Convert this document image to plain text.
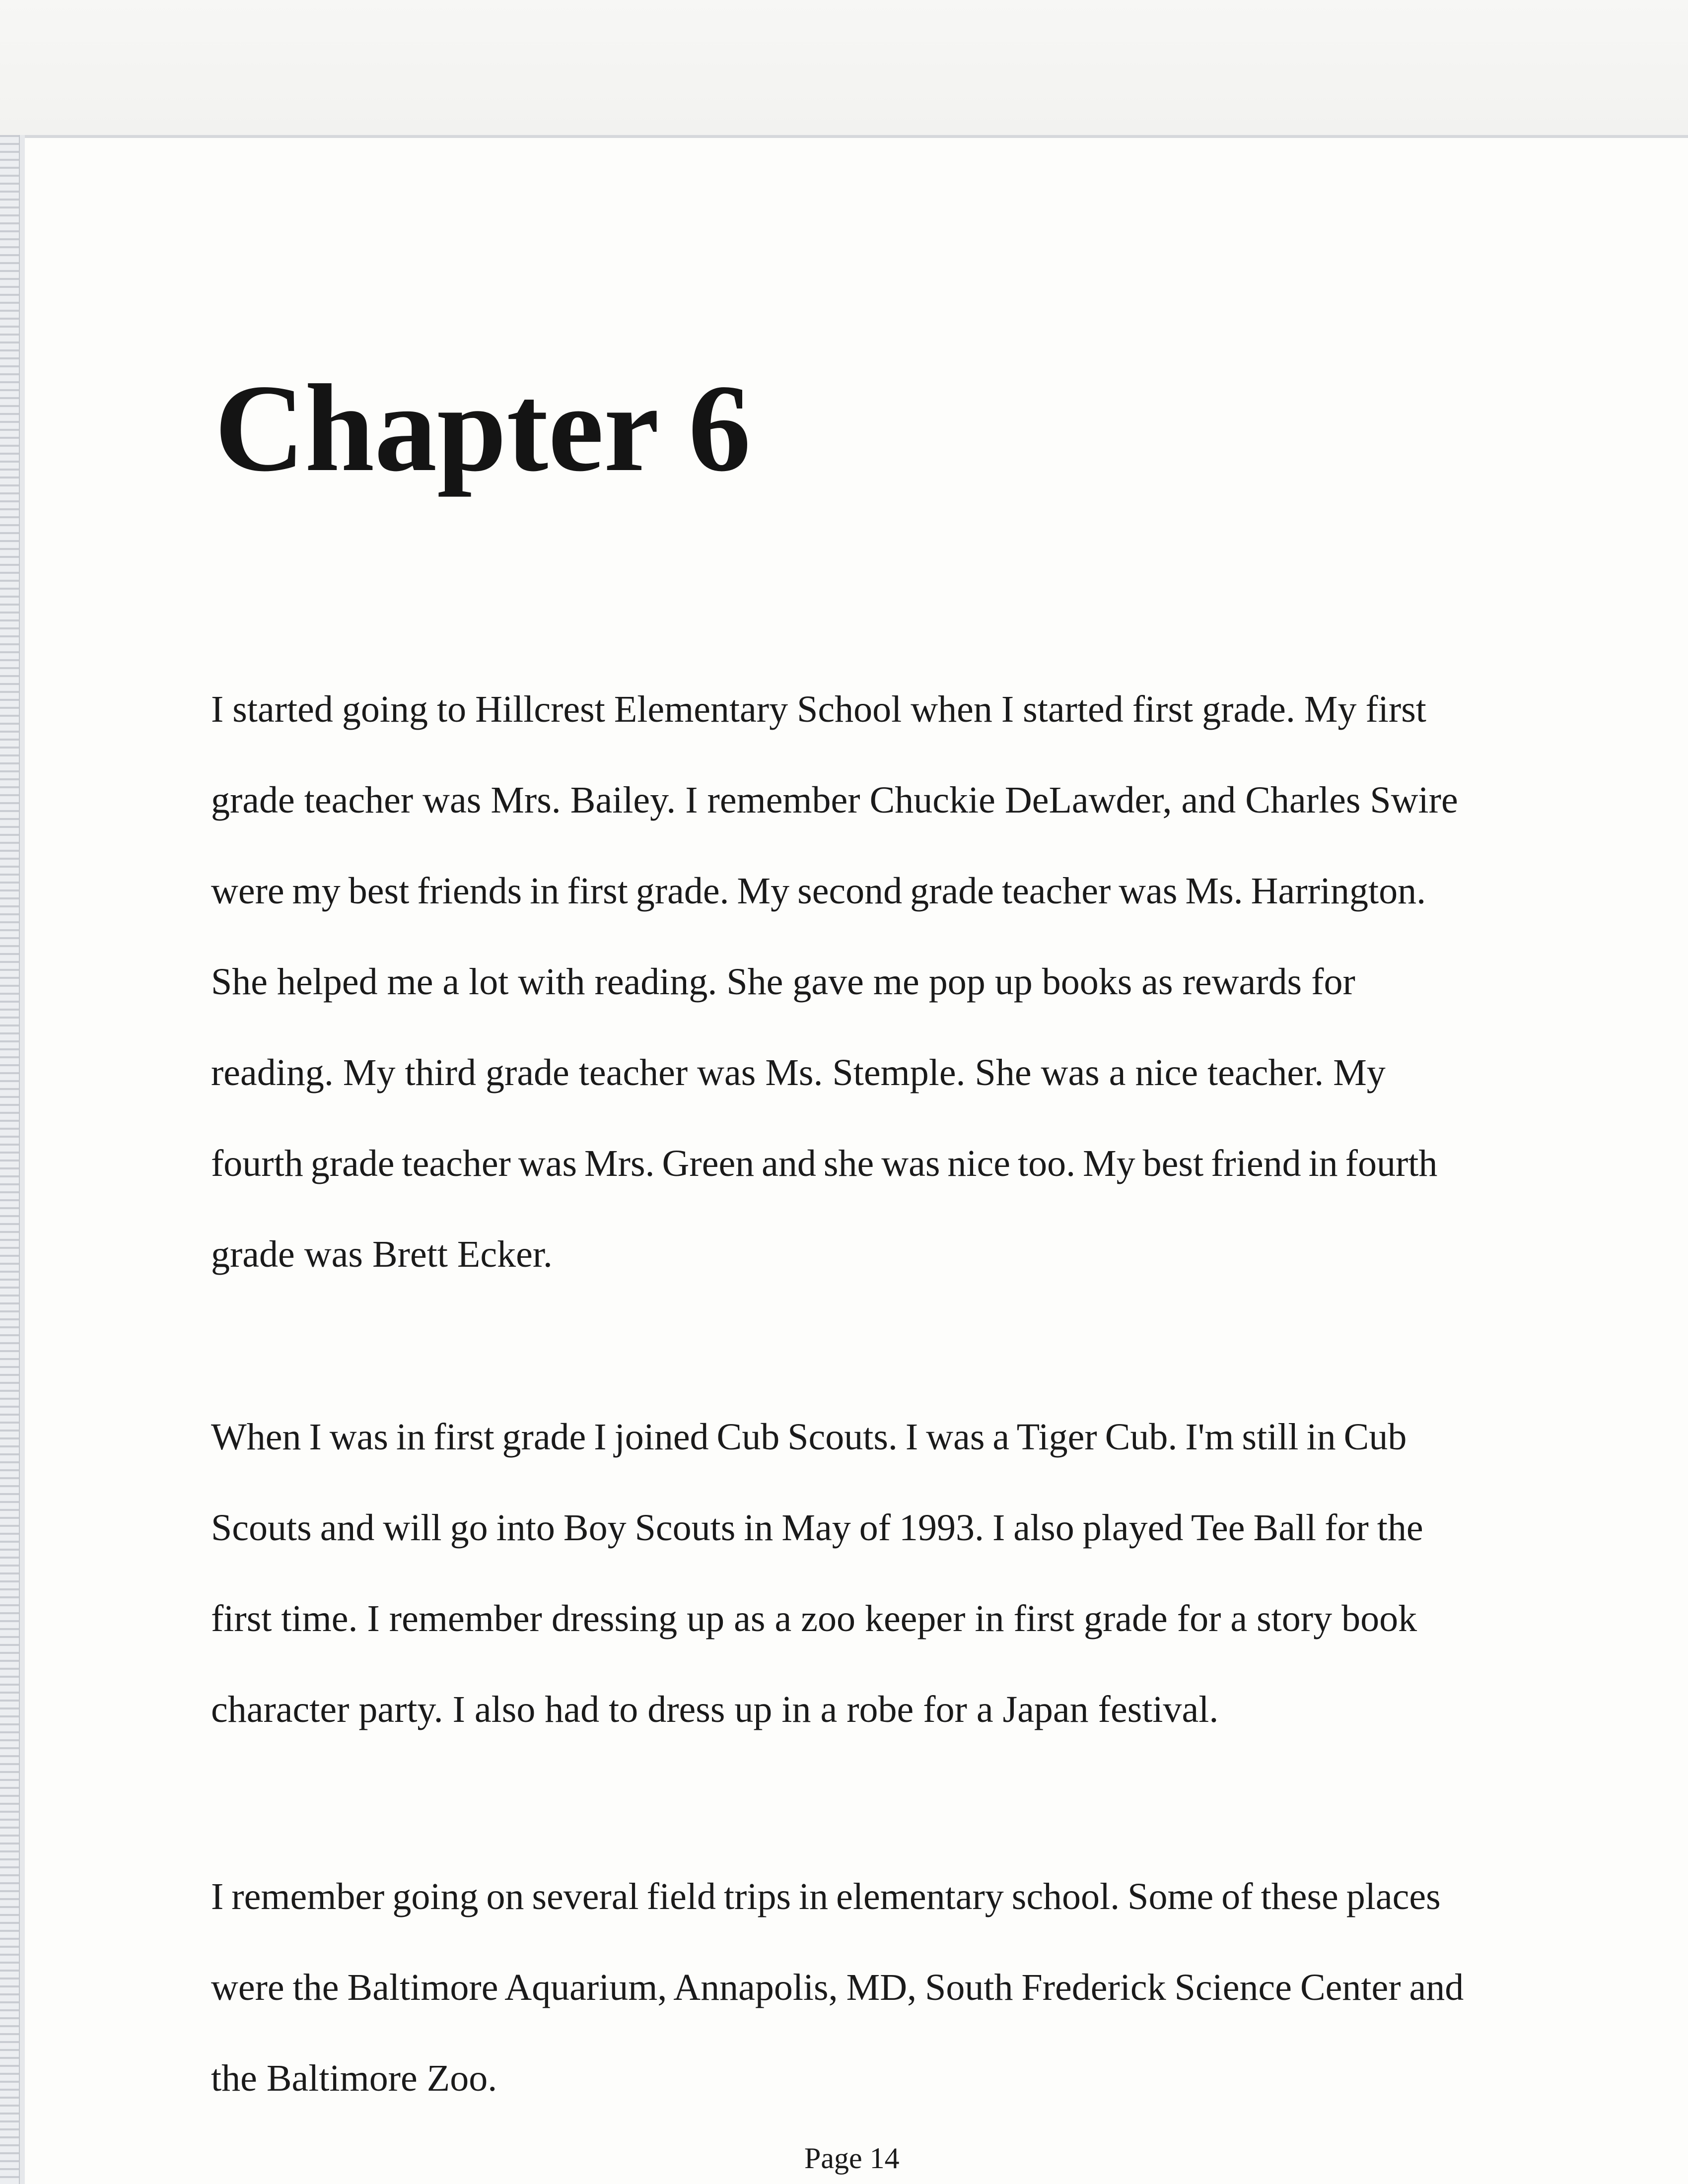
Chapter 6
I started going to Hillcrest Elementary School when I started first grade. My first
grade teacher was Mrs. Bailey. I remember Chuckie DeLawder, and Charles Swire
were my best friends in first grade. My second grade teacher was Ms. Harrington.
She helped me a lot with reading. She gave me pop up books as rewards for
reading. My third grade teacher was Ms. Stemple. She was a nice teacher. My
fourth grade teacher was Mrs. Green and she was nice too. My best friend in fourth
grade was Brett Ecker.
When I was in first grade I joined Cub Scouts. I was a Tiger Cub. I'm still in Cub
Scouts and will go into Boy Scouts in May of 1993. I also played Tee Ball for the
first time. I remember dressing up as a zoo keeper in first grade for a story book
character party. I also had to dress up in a robe for a Japan festival.
I remember going on several field trips in elementary school. Some of these places
were the Baltimore Aquarium, Annapolis, MD, South Frederick Science Center and
the Baltimore Zoo.
Page 14
